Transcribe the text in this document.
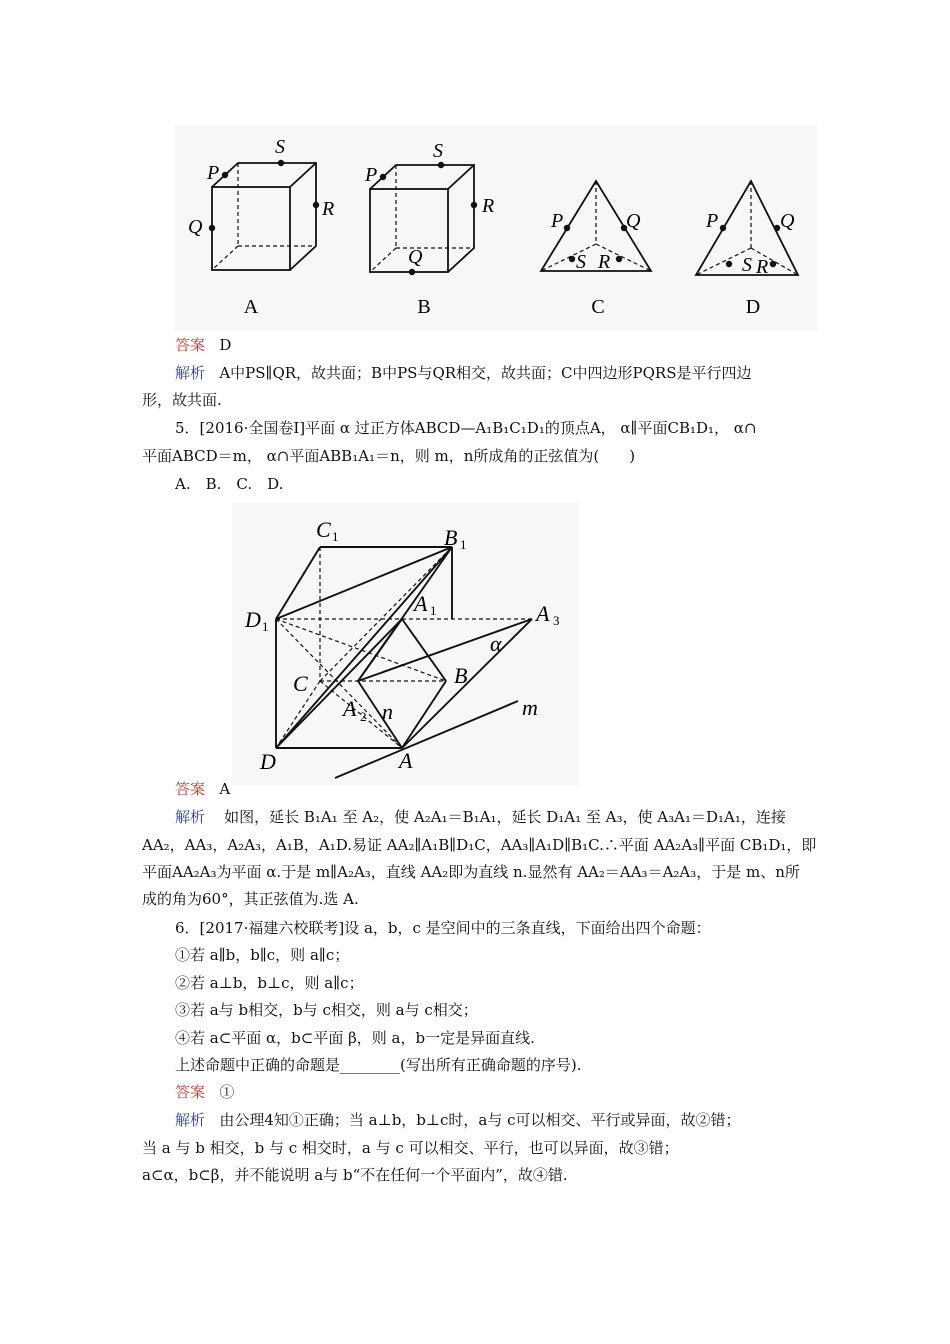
P
S
Q
R
A
P
S
R
Q
B
P	Q
S R
C
P	Q
S R
D
答案 D
解析 A中PS∥QR，故共面；B中PS与QR相交，故共面；C中四边形PQRS是平行四边
形，故共面.
5．[2016·全国卷Ⅰ]平面 α 过正方体ABCD—A₁B₁C₁D₁的顶点A， α∥平面CB₁D₁， α∩
平面ABCD＝m， α∩平面ABB₁A₁＝n，则 m，n所成角的正弦值为(　　)
A.　B.　C.　D.
C 1	B 1
D 1
A 1	A 3
α
C	B
A 2 n	m
D	A
答案 A
解析 如图，延长 B₁A₁ 至 A₂，使 A₂A₁＝B₁A₁，延长 D₁A₁ 至 A₃，使 A₃A₁＝D₁A₁，连接
AA₂，AA₃，A₂A₃，A₁B，A₁D.易证 AA₂∥A₁B∥D₁C，AA₃∥A₁D∥B₁C.∴平面 AA₂A₃∥平面 CB₁D₁，即
平面AA₂A₃为平面 α.于是 m∥A₂A₃，直线 AA₂即为直线 n.显然有 AA₂＝AA₃＝A₂A₃，于是 m、n所
成的角为60°，其正弦值为.选 A.
6．[2017·福建六校联考]设 a，b，c 是空间中的三条直线，下面给出四个命题：
①若 a∥b，b∥c，则 a∥c；
②若 a⊥b，b⊥c，则 a∥c；
③若 a与 b相交，b与 c相交，则 a与 c相交；
④若 a⊂平面 α，b⊂平面 β，则 a，b一定是异面直线.
上述命题中正确的命题是________(写出所有正确命题的序号).
答案 ①
解析 由公理4知①正确；当 a⊥b，b⊥c时，a与 c可以相交、平行或异面，故②错；
当 a 与 b 相交，b 与 c 相交时，a 与 c 可以相交、平行，也可以异面，故③错；
a⊂α，b⊂β，并不能说明 a与 b“不在任何一个平面内”，故④错.
